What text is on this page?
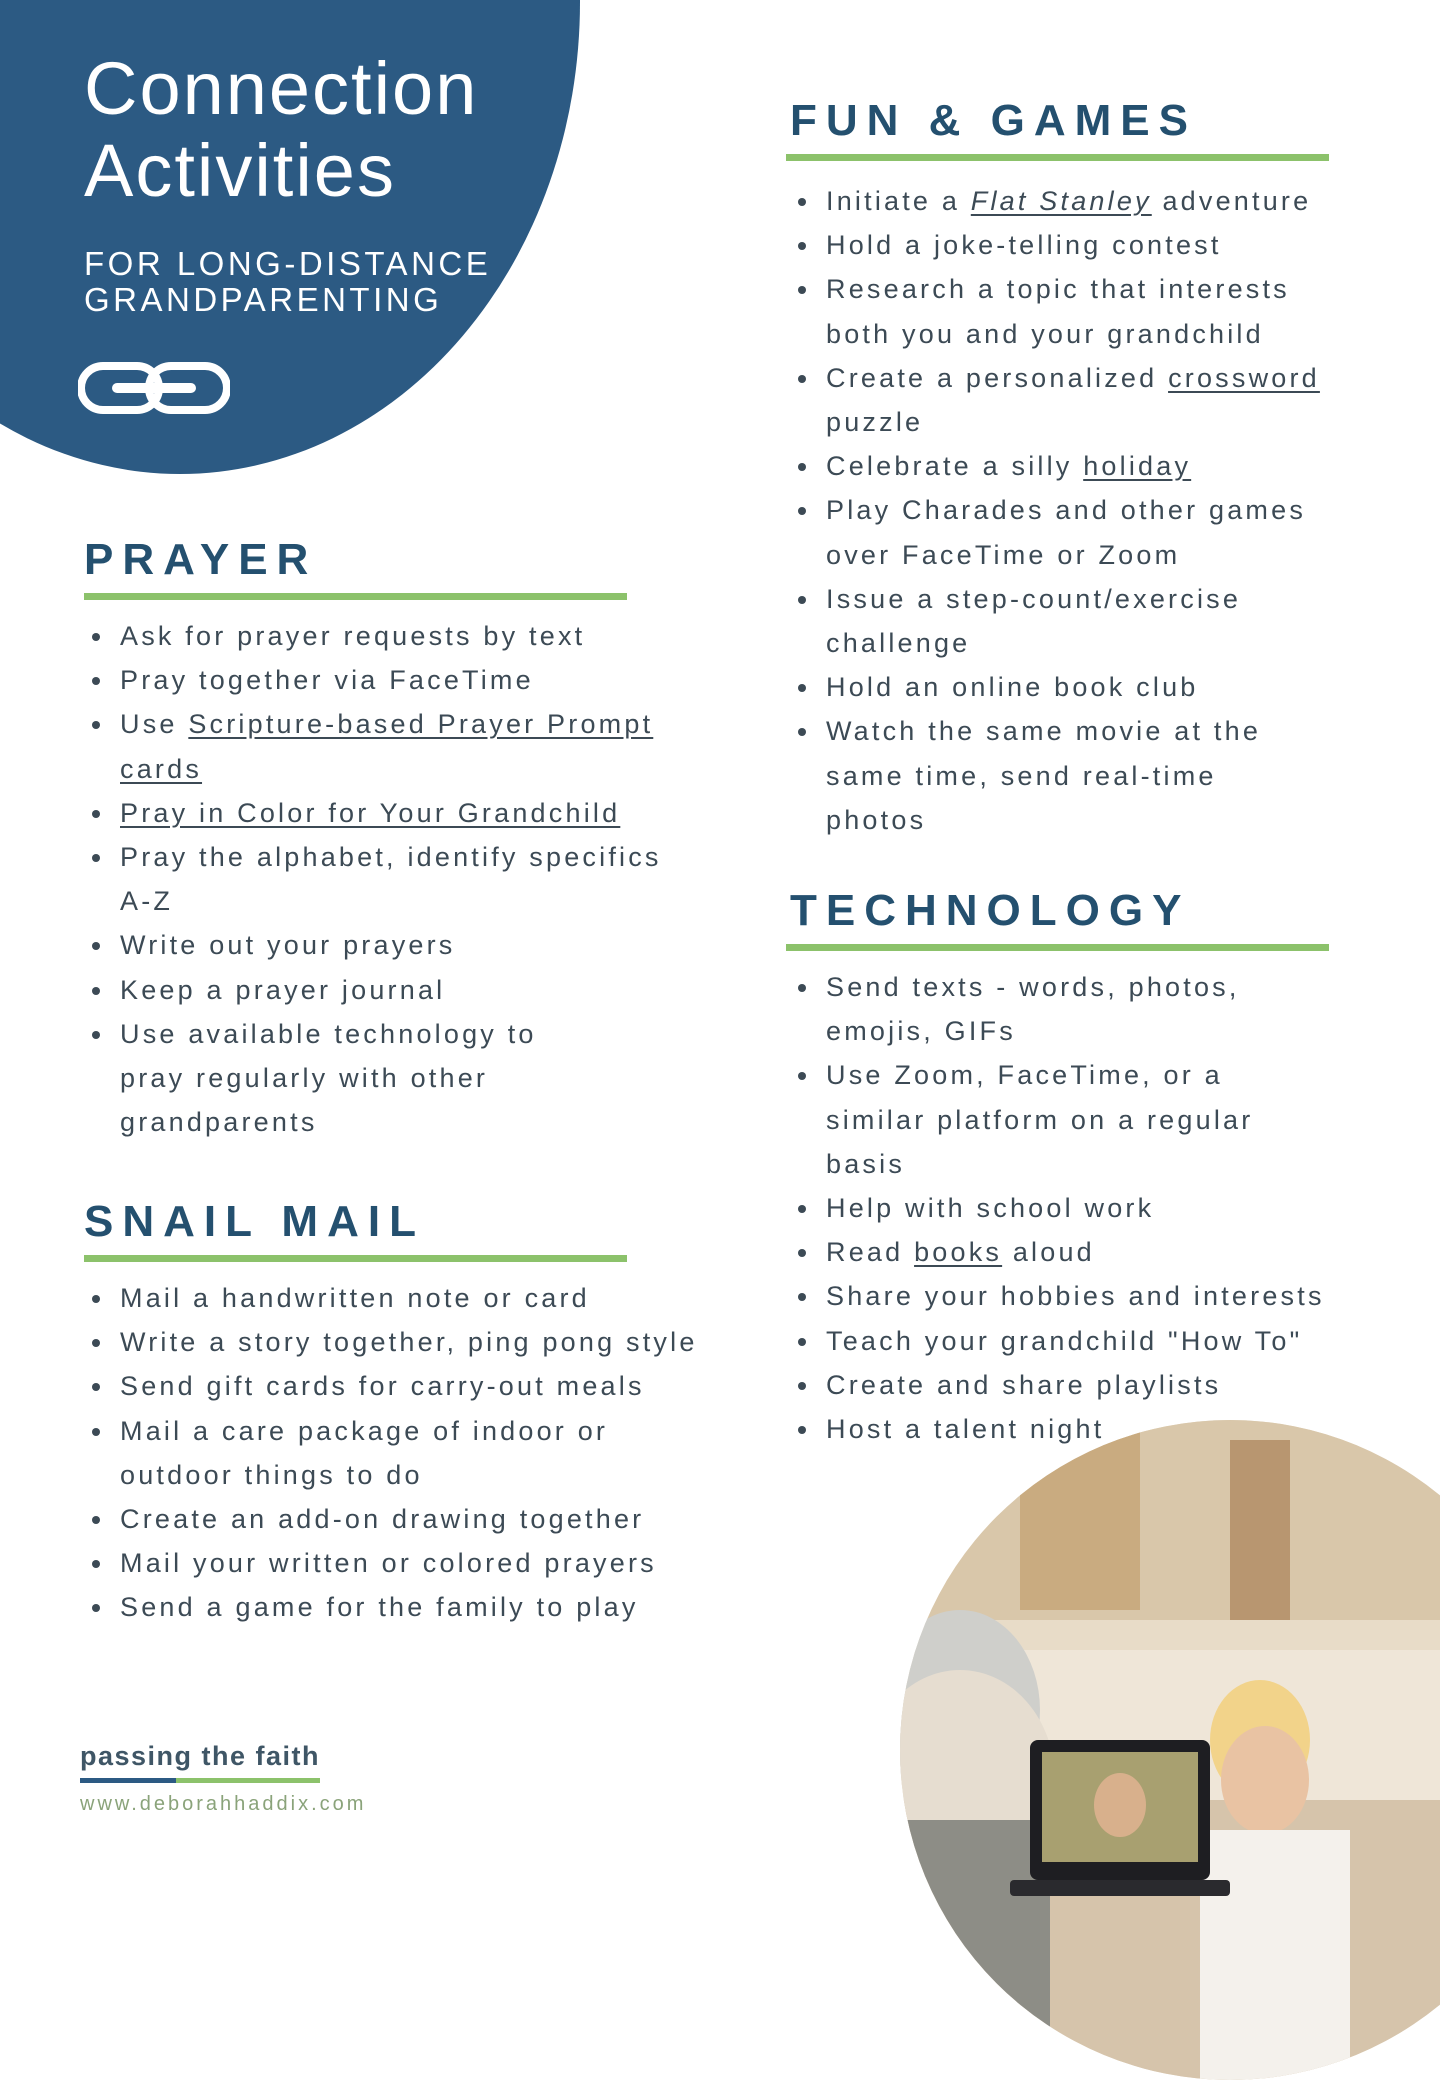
Connection
Activities

FOR LONG-DISTANCE
GRANDPARENTING

PRAYER
Ask for prayer requests by text
Pray together via FaceTime
Use Scripture-based Prayer Prompt cards
Pray in Color for Your Grandchild
Pray the alphabet, identify specifics A-Z
Write out your prayers
Keep a prayer journal
Use available technology to pray regularly with other grandparents
SNAIL MAIL
Mail a handwritten note or card
Write a story together, ping pong style
Send gift cards for carry-out meals
Mail a care package of indoor or outdoor things to do
Create an add-on drawing together
Mail your written or colored prayers
Send a game for the family to play
FUN & GAMES
Initiate a Flat Stanley adventure
Hold a joke-telling contest
Research a topic that interests both you and your grandchild
Create a personalized crossword puzzle
Celebrate a silly holiday
Play Charades and other games over FaceTime or Zoom
Issue a step-count/exercise challenge
Hold an online book club
Watch the same movie at the same time, send real-time photos
TECHNOLOGY
Send texts - words, photos, emojis, GIFs
Use Zoom, FaceTime, or a similar platform on a regular basis
Help with school work
Read books aloud
Share your hobbies and interests
Teach your grandchild "How To"
Create and share playlists
Host a talent night
passing the faith
www.deborahhaddix.com
